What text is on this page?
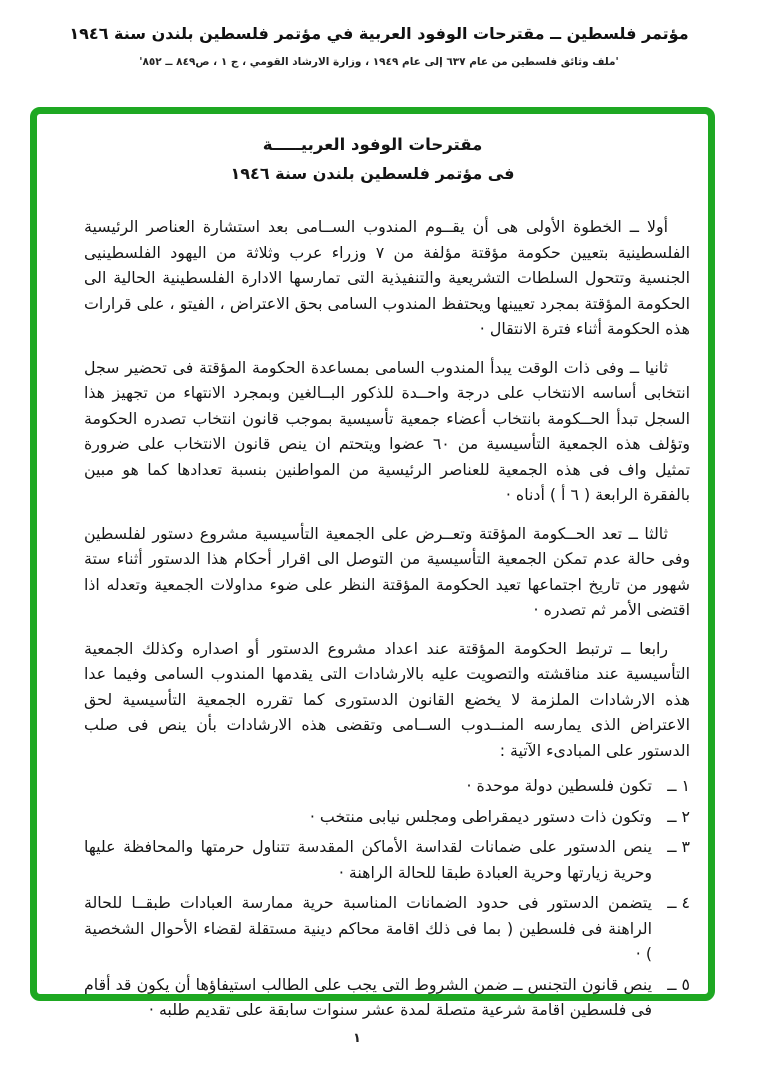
مؤتمر فلسطين ــ مقترحات الوفود العربية في مؤتمر فلسطين بلندن سنة ١٩٤٦
'ملف وثائق فلسطين من عام ٦٣٧ إلى عام ١٩٤٩ ، وزارة الارشاد القومي ، ج ١ ، ص٨٤٩ ــ ٨٥٢'
مقترحات الوفود العربيـــــة
فى مؤتمر فلسطين بلندن سنة ١٩٤٦

أولا ــ الخطوة الأولى هى أن يقــوم المندوب الســامى بعد استشارة العناصر الرئيسية الفلسطينية بتعيين حكومة مؤقتة مؤلفة من ٧ وزراء عرب وثلاثة من اليهود الفلسطينيى الجنسية وتتحول السلطات التشريعية والتنفيذية التى تمارسها الادارة الفلسطينية الحالية الى الحكومة المؤقتة بمجرد تعيينها ويحتفظ المندوب السامى بحق الاعتراض ، الفيتو ، على قرارات هذه الحكومة أثناء فترة الانتقال ·

ثانيا ــ وفى ذات الوقت يبدأ المندوب السامى بمساعدة الحكومة المؤقتة فى تحضير سجل انتخابى أساسه الانتخاب على درجة واحــدة للذكور البــالغين وبمجرد الانتهاء من تجهيز هذا السجل تبدأ الحــكومة بانتخاب أعضاء جمعية تأسيسية بموجب قانون انتخاب تصدره الحكومة وتؤلف هذه الجمعية التأسيسية من ٦٠ عضوا ويتحتم ان ينص قانون الانتخاب على ضرورة تمثيل واف فى هذه الجمعية للعناصر الرئيسية من المواطنين بنسبة تعدادها كما هو مبين بالفقرة الرابعة ( ٦ أ ) أدناه ·

ثالثا ــ تعد الحــكومة المؤقتة وتعــرض على الجمعية التأسيسية مشروع دستور لفلسطين وفى حالة عدم تمكن الجمعية التأسيسية من التوصل الى اقرار أحكام هذا الدستور أثناء ستة شهور من تاريخ اجتماعها تعيد الحكومة المؤقتة النظر على ضوء مداولات الجمعية وتعدله اذا اقتضى الأمر ثم تصدره ·

رابعا ــ ترتبط الحكومة المؤقتة عند اعداد مشروع الدستور أو اصداره وكذلك الجمعية التأسيسية عند مناقشته والتصويت عليه بالارشادات التى يقدمها المندوب السامى وفيما عدا هذه الارشادات الملزمة لا يخضع القانون الدستورى كما تقرره الجمعية التأسيسية لحق الاعتراض الذى يمارسه المنــدوب الســامى وتقضى هذه الارشادات بأن ينص فى صلب الدستور على المبادىء الآتية :

١ ــ
تكون فلسطين دولة موحدة ·
٢ ــ
وتكون ذات دستور ديمقراطى ومجلس نيابى منتخب ·
٣ ــ
ينص الدستور على ضمانات لقداسة الأماكن المقدسة تتناول حرمتها والمحافظة عليها وحرية زيارتها وحرية العبادة طبقا للحالة الراهنة ·
٤ ــ
يتضمن الدستور فى حدود الضمانات المناسبة حرية ممارسة العبادات طبقــا للحالة الراهنة فى فلسطين ( بما فى ذلك اقامة محاكم دينية مستقلة لقضاء الأحوال الشخصية ) ·
٥ ــ
ينص قانون التجنس ــ ضمن الشروط التى يجب على الطالب استيفاؤها أن يكون قد أقام فى فلسطين اقامة شرعية متصلة لمدة عشر سنوات سابقة على تقديم طلبه ·
١
